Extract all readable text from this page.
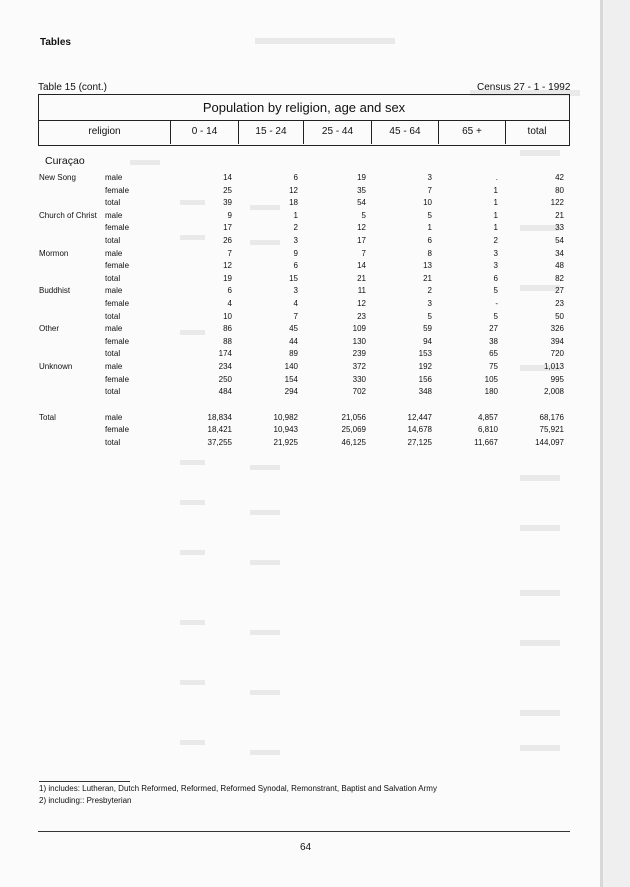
Tables
Table 15 (cont.)	Census 27 - 1 - 1992
Population by religion, age and sex
religion	0 - 14	15 - 24	25 - 44	45 - 64	65 +	total
Curaçao
New Song	male	14	6	19	3	.	42
female	25	12	35	7	1	80
total	39	18	54	10	1	122
Church of Christ male	9	1	5	5	1	21
female	17	2	12	1	1	33
total	26	3	17	6	2	54
Mormon	male	7	9	7	8	3	34
female	12	6	14	13	3	48
total	19	15	21	21	6	82
Buddhist	male	6	3	11	2	5	27
female	4	4	12	3	-	23
total	10	7	23	5	5	50
Other	male	86	45	109	59	27	326
female	88	44	130	94	38	394
total	174	89	239	153	65	720
Unknown	male	234	140	372	192	75	1,013
female	250	154	330	156	105	995
total	484	294	702	348	180	2,008
Total	male	18,834	10,982	21,056	12,447	4,857	68,176
female	18,421	10,943	25,069	14,678	6,810	75,921
total	37,255	21,925	46,125	27,125	11,667	144,097
1) includes: Lutheran, Dutch Reformed, Reformed, Reformed Synodal, Remonstrant, Baptist and Salvation Army
2) including:: Presbyterian
64
